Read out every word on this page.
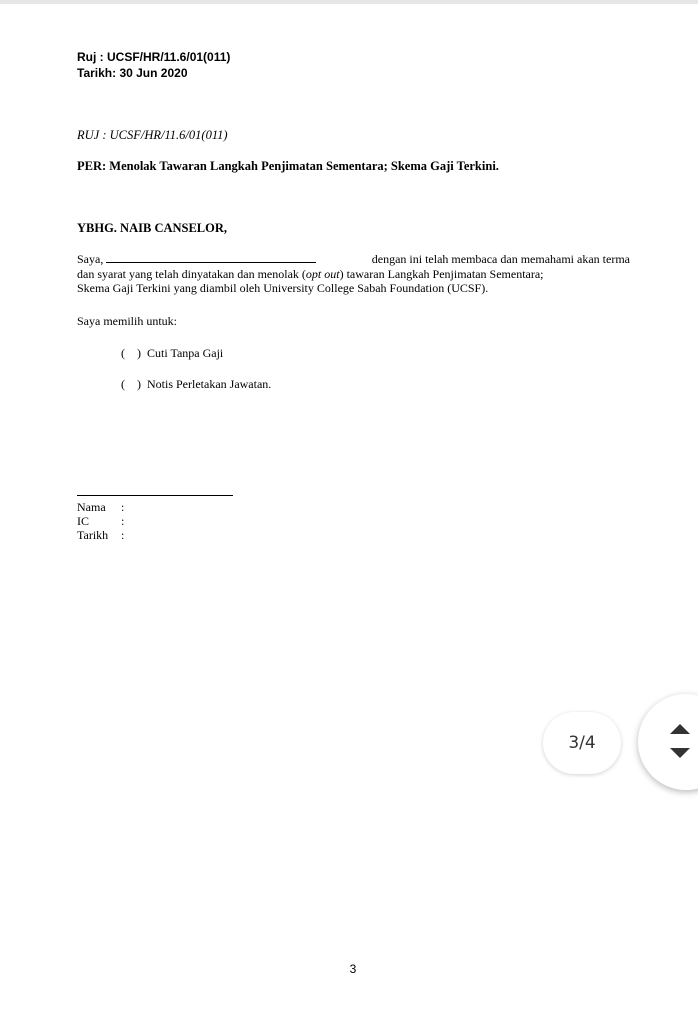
Ruj : UCSF/HR/11.6/01(011)
Tarikh: 30 Jun 2020
RUJ : UCSF/HR/11.6/01(011)
PER: Menolak Tawaran Langkah Penjimatan Sementara; Skema Gaji Terkini.
YBHG. NAIB CANSELOR,
Saya,	dengan ini telah membaca dan memahami akan terma
dan syarat yang telah dinyatakan dan menolak (opt out) tawaran Langkah Penjimatan Sementara;
Skema Gaji Terkini yang diambil oleh University College Sabah Foundation (UCSF).
Saya memilih untuk:
(    ) Cuti Tanpa Gaji
(    ) Notis Perletakan Jawatan.
Nama	:
IC	:
Tarikh	:
3
3/4
